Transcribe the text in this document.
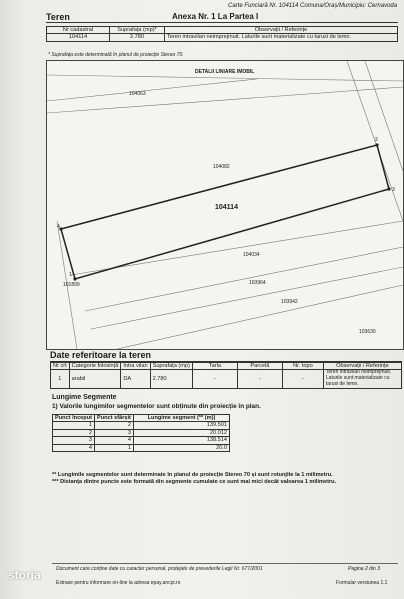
Carte Funciară Nr. 104114 Comuna/Oraș/Municipiu: Cernavoda
Teren	Anexa Nr. 1 La Partea I
Nr cadastral	Suprafața (mp)*	Observații / Referințe
104114	2.780	Teren intravilan neimprejmuit. Laturile sunt materializate cu tarusi de lemn.
* Suprafața este determinată în planul de proiecție Stereo 70.
DETALII LINIARE IMOBIL
104063
104082
104114
104034
103964
103942
103630
101899
4
2
3
1
Date referitoare la teren
Nr crt	Categorie folosință	Intra vilan	Suprafața (mp)	Tarla	Parcelă	Nr. topo	Observații / Referințe
1	arabil	DA	2.780	-	-	-	Teren intravilan neimprejmuit. Laturile sunt materializate cu tarusi de lemn.
Lungime Segmente
1) Valorile lungimilor segmentelor sunt obținute din proiecție în plan.
Punct început	Punct sfârșit	Lungime segment (** (m))
1	2	139.501
2	3	20.012
3	4	138.514
4	1	20.0
** Lungimile segmentelor sunt determinate în planul de proiecție Stereo 70 și sunt rotunjite la 1 milimetru.
*** Distanța dintre puncte este formată din segmente cumulate ce sunt mai mici decât valoarea 1 milimetru.
Document care conține date cu caracter personal, protejate de prevederile Legii Nr. 677/2001	Pagina 2 din 3
Extrase pentru informare on-line la adresa epay.ancpi.ro	Formular versiunea 1.1
storia
